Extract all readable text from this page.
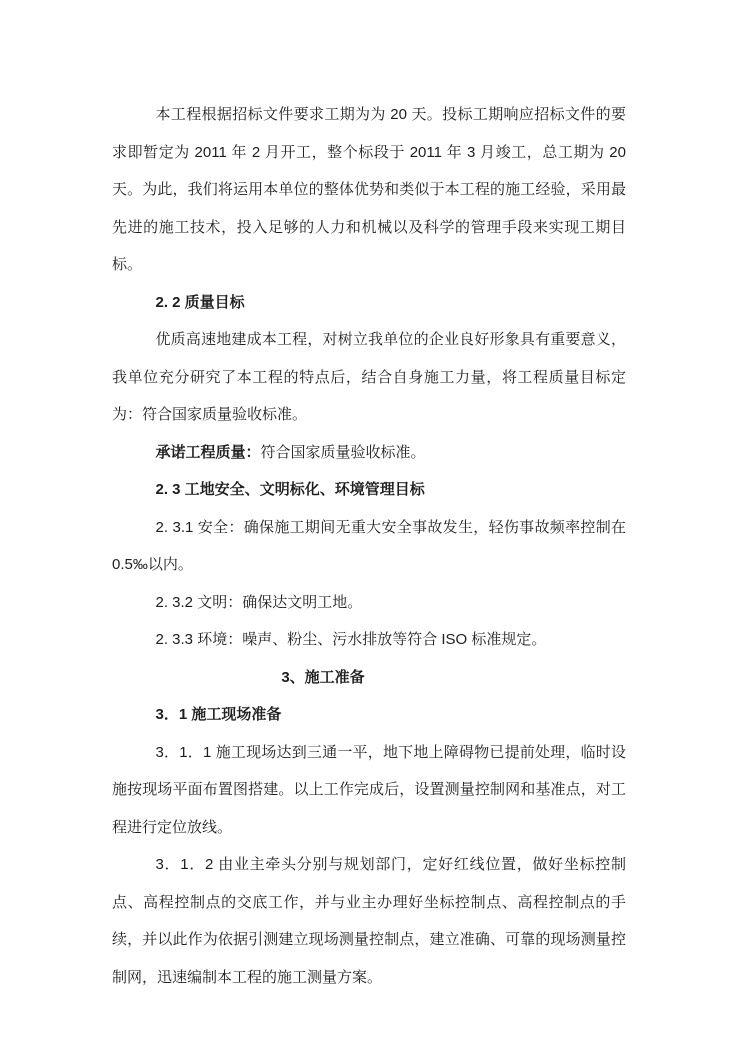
本工程根据招标文件要求工期为为 20 天。投标工期响应招标文件的要求即暂定为 2011 年 2 月开工，整个标段于 2011 年 3 月竣工，总工期为 20 天。为此，我们将运用本单位的整体优势和类似于本工程的施工经验，采用最先进的施工技术，投入足够的人力和机械以及科学的管理手段来实现工期目标。

2. 2 质量目标

优质高速地建成本工程，对树立我单位的企业良好形象具有重要意义，我单位充分研究了本工程的特点后，结合自身施工力量，将工程质量目标定为：符合国家质量验收标准。

承诺工程质量：符合国家质量验收标准。

2. 3 工地安全、文明标化、环境管理目标

2. 3.1 安全：确保施工期间无重大安全事故发生，轻伤事故频率控制在0.5‰以内。

2. 3.2 文明：确保达文明工地。

2. 3.3 环境：噪声、粉尘、污水排放等符合 ISO 标准规定。

3、施工准备

3．1 施工现场准备

3．1．1 施工现场达到三通一平，地下地上障碍物已提前处理，临时设施按现场平面布置图搭建。以上工作完成后，设置测量控制网和基准点，对工程进行定位放线。

3．1．2 由业主牵头分别与规划部门，定好红线位置，做好坐标控制点、高程控制点的交底工作，并与业主办理好坐标控制点、高程控制点的手续，并以此作为依据引测建立现场测量控制点，建立准确、可靠的现场测量控制网，迅速编制本工程的施工测量方案。
